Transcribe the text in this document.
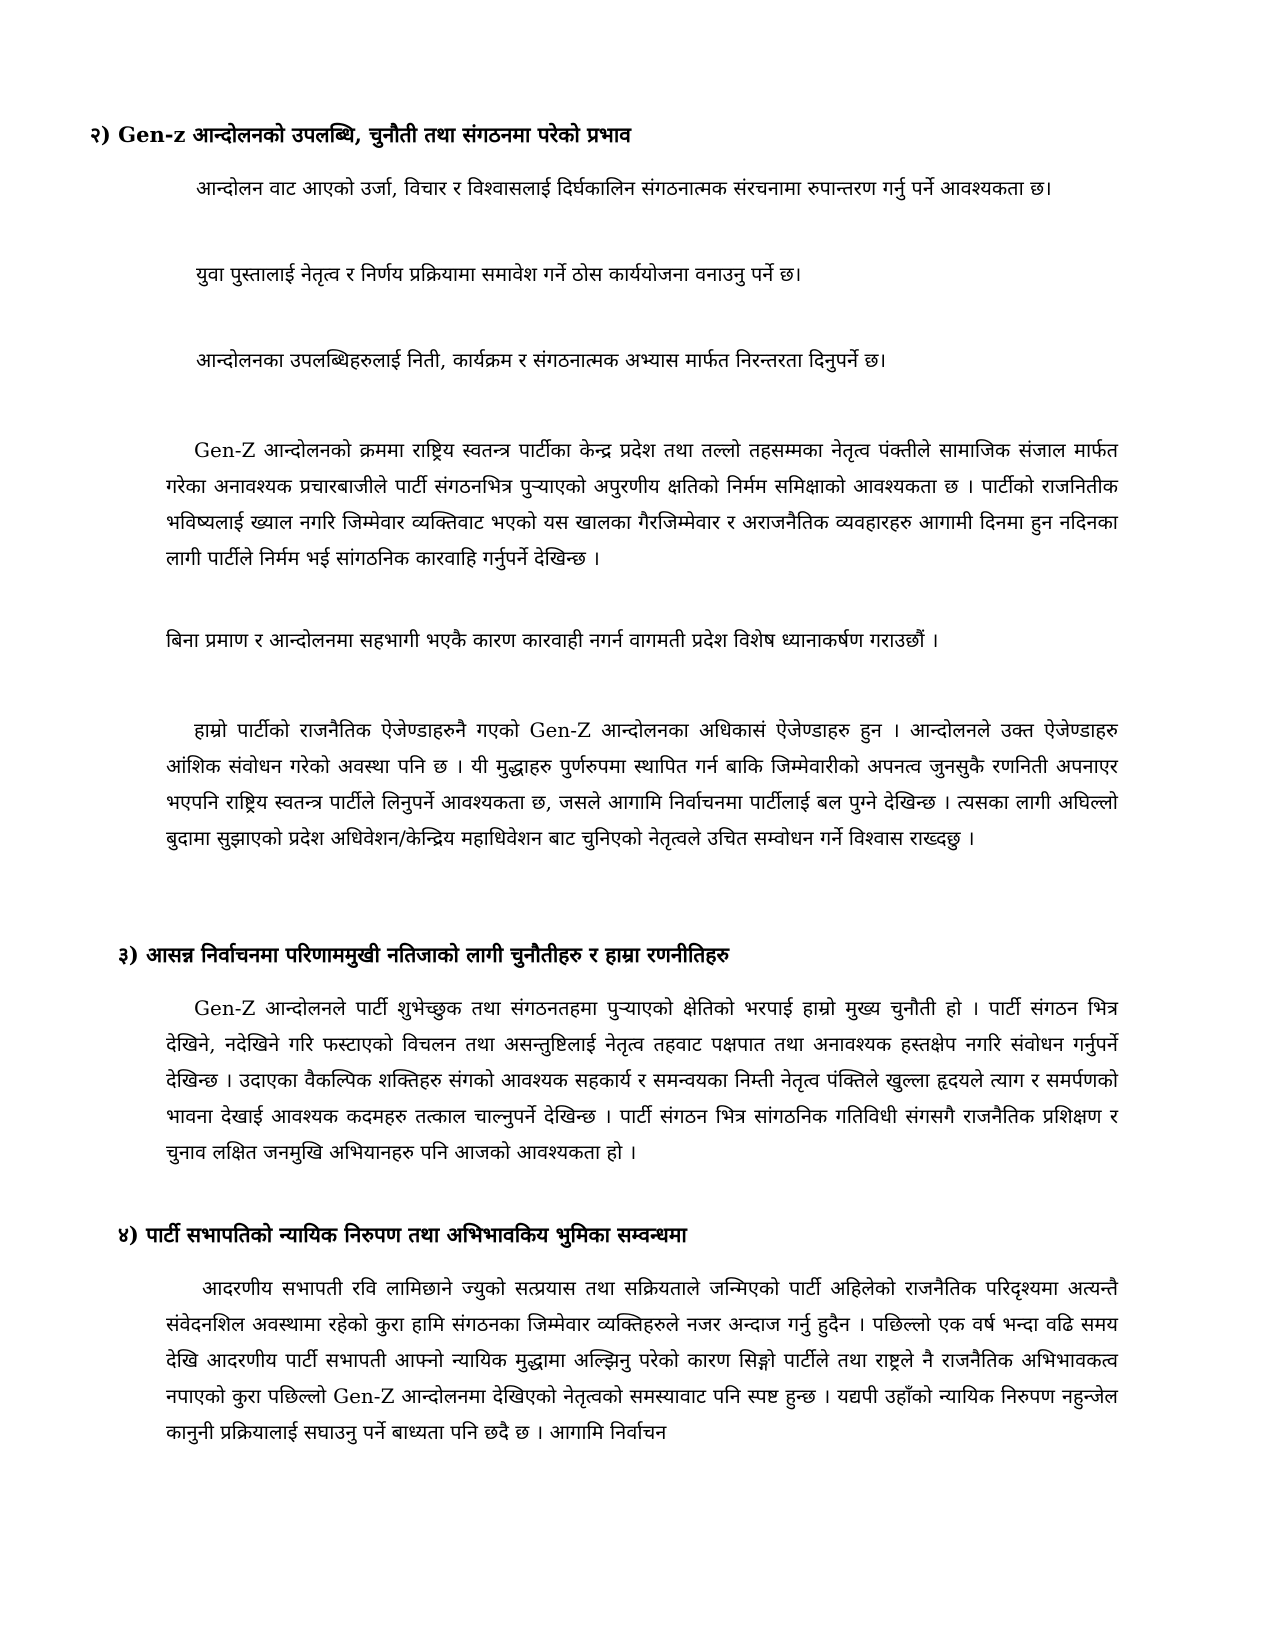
२) Gen-z आन्दोलनको उपलब्धि, चुनौती तथा संगठनमा परेको प्रभाव
आन्दोलन वाट आएको उर्जा, विचार र विश्वासलाई दिर्घकालिन संगठनात्मक संरचनामा रुपान्तरण गर्नु पर्ने आवश्यकता छ।
युवा पुस्तालाई नेतृत्व र निर्णय प्रक्रियामा समावेश गर्ने ठोस कार्ययोजना वनाउनु पर्ने छ।
आन्दोलनका उपलब्धिहरुलाई निती, कार्यक्रम र संगठनात्मक अभ्यास मार्फत निरन्तरता दिनुपर्ने छ।
Gen-Z आन्दोलनको क्रममा राष्ट्रिय स्वतन्त्र पार्टीका केन्द्र प्रदेश तथा तल्लो तहसम्मका नेतृत्व पंक्तीले सामाजिक संजाल मार्फत गरेका अनावश्यक प्रचारबाजीले पार्टी संगठनभित्र पुऱ्याएको अपुरणीय क्षतिको निर्मम समिक्षाको आवश्यकता छ । पार्टीको राजनितीक भविष्यलाई ख्याल नगरि जिम्मेवार व्यक्तिवाट भएको यस खालका गैरजिम्मेवार र अराजनैतिक व्यवहारहरु आगामी दिनमा हुन नदिनका लागी पार्टीले निर्मम भई सांगठनिक कारवाहि गर्नुपर्ने देखिन्छ ।
बिना प्रमाण र आन्दोलनमा सहभागी भएकै कारण कारवाही नगर्न वागमती प्रदेश विशेष ध्यानाकर्षण गराउछौं ।
हाम्रो पार्टीको राजनैतिक ऐजेण्डाहरुनै गएको Gen-Z आन्दोलनका अधिकासं ऐजेण्डाहरु हुन । आन्दोलनले उक्त ऐजेण्डाहरु आंशिक संवोधन गरेको अवस्था पनि छ । यी मुद्धाहरु पुर्णरुपमा स्थापित गर्न बाकि जिम्मेवारीको अपनत्व जुनसुकै रणनिती अपनाएर भएपनि राष्ट्रिय स्वतन्त्र पार्टीले लिनुपर्ने आवश्यकता छ, जसले आगामि निर्वाचनमा पार्टीलाई बल पुग्ने देखिन्छ । त्यसका लागी अघिल्लो बुदामा सुझाएको प्रदेश अधिवेशन/केन्द्रिय महाधिवेशन बाट चुनिएको नेतृत्वले उचित सम्वोधन गर्ने विश्वास राख्दछु ।
३) आसन्न निर्वाचनमा परिणाममुखी नतिजाको लागी चुनौतीहरु र हाम्रा रणनीतिहरु
Gen-Z आन्दोलनले पार्टी शुभेच्छुक तथा संगठनतहमा पुऱ्याएको क्षेतिको भरपाई हाम्रो मुख्य चुनौती हो । पार्टी संगठन भित्र देखिने, नदेखिने गरि फस्टाएको विचलन तथा असन्तुष्टिलाई नेतृत्व तहवाट पक्षपात तथा अनावश्यक हस्तक्षेप नगरि संवोधन गर्नुपर्ने देखिन्छ । उदाएका वैकल्पिक शक्तिहरु संगको आवश्यक सहकार्य र समन्वयका निम्ती नेतृत्व पंक्तिले खुल्ला हृदयले त्याग र समर्पणको भावना देखाई आवश्यक कदमहरु तत्काल चाल्नुपर्ने देखिन्छ । पार्टी संगठन भित्र सांगठनिक गतिविधी संगसगै राजनैतिक प्रशिक्षण र चुनाव लक्षित जनमुखि अभियानहरु पनि आजको आवश्यकता हो ।
४) पार्टी सभापतिको न्यायिक निरुपण तथा अभिभावकिय भुमिका सम्वन्धमा
आदरणीय सभापती रवि लामिछाने ज्युको सत्प्रयास तथा सक्रियताले जन्मिएको पार्टी अहिलेको राजनैतिक परिदृश्यमा अत्यन्तै संवेदनशिल अवस्थामा रहेको कुरा हामि संगठनका जिम्मेवार व्यक्तिहरुले नजर अन्दाज गर्नु हुदैन । पछिल्लो एक वर्ष भन्दा वढि समय देखि आदरणीय पार्टी सभापती आफ्नो न्यायिक मुद्धामा अल्झिनु परेको कारण सिङ्गो पार्टीले तथा राष्ट्रले नै राजनैतिक अभिभावकत्व नपाएको कुरा पछिल्लो Gen-Z आन्दोलनमा देखिएको नेतृत्वको समस्यावाट पनि स्पष्ट हुन्छ । यद्यपी उहाँको न्यायिक निरुपण नहुन्जेल कानुनी प्रक्रियालाई सघाउनु पर्ने बाध्यता पनि छदै छ । आगामि निर्वाचन
